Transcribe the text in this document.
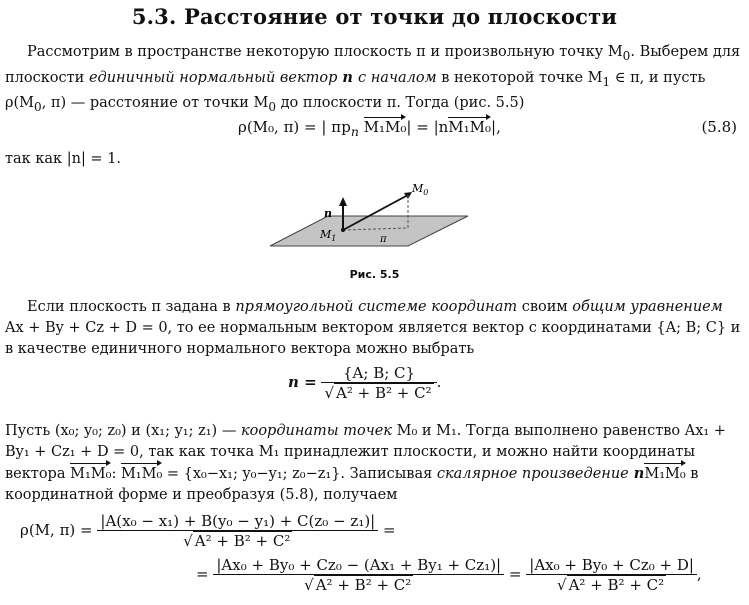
5.3. Расстояние от точки до плоскости
Рассмотрим в пространстве некоторую плоскость π и произвольную точку $M_0$. Выберем для плоскости единичный нормальный вектор n с началом в некоторой точке $M_1$ ∈ π, и пусть $\rho(M_0$, π) — расстояние от точки $M_0$ до плоскости π. Тогда (рис. 5.5)
ρ(M₀, π) = | $пр_n$ M₁M₀| = |nM₁M₀|,	(5.8)
так как |n| = 1.
$M_0$
$M_1$
n
π
Рис. 5.5
Если плоскость π задана в прямоугольной системе координат своим общим уравнением Ax + By + Cz + D = 0, то ее нормальным вектором является вектор с координатами {A; B; C} и в качестве единичного нормального вектора можно выбрать
$n = \frac{\{A; B; C\}}{\text{√ A² + B² + C²}}$ .
Пусть (x₀; y₀; z₀) и (x₁; y₁; z₁) — координаты точек M₀ и M₁. Тогда выполнено равенство Ax₁ + By₁ + Cz₁ + D = 0, так как точка M₁ принадлежит плоскости, и можно найти координаты вектора M₁M₀: M₁M₀ = {x₀−x₁; y₀−y₁; z₀−z₁}. Записывая скалярное произведение nM₁M₀ в координатной форме и преобразуя (5.8), получаем
ρ(M, $\pi) = \frac{\text{|A(x₀ − x₁) + B(y₀ − y₁) + C(z₀ − z₁)|}}{\text{√ A² + B² + C²}}$ =
= $\frac{\text{|Ax₀ + By₀ + Cz₀ − (Ax₁ + By₁ + Cz₁)|}}{\text{√ A² + B² + C²}} = \frac{\text{|Ax₀ + By₀ + Cz₀ + D|}}{\text{√ A² + B² + C²}}$ ,
